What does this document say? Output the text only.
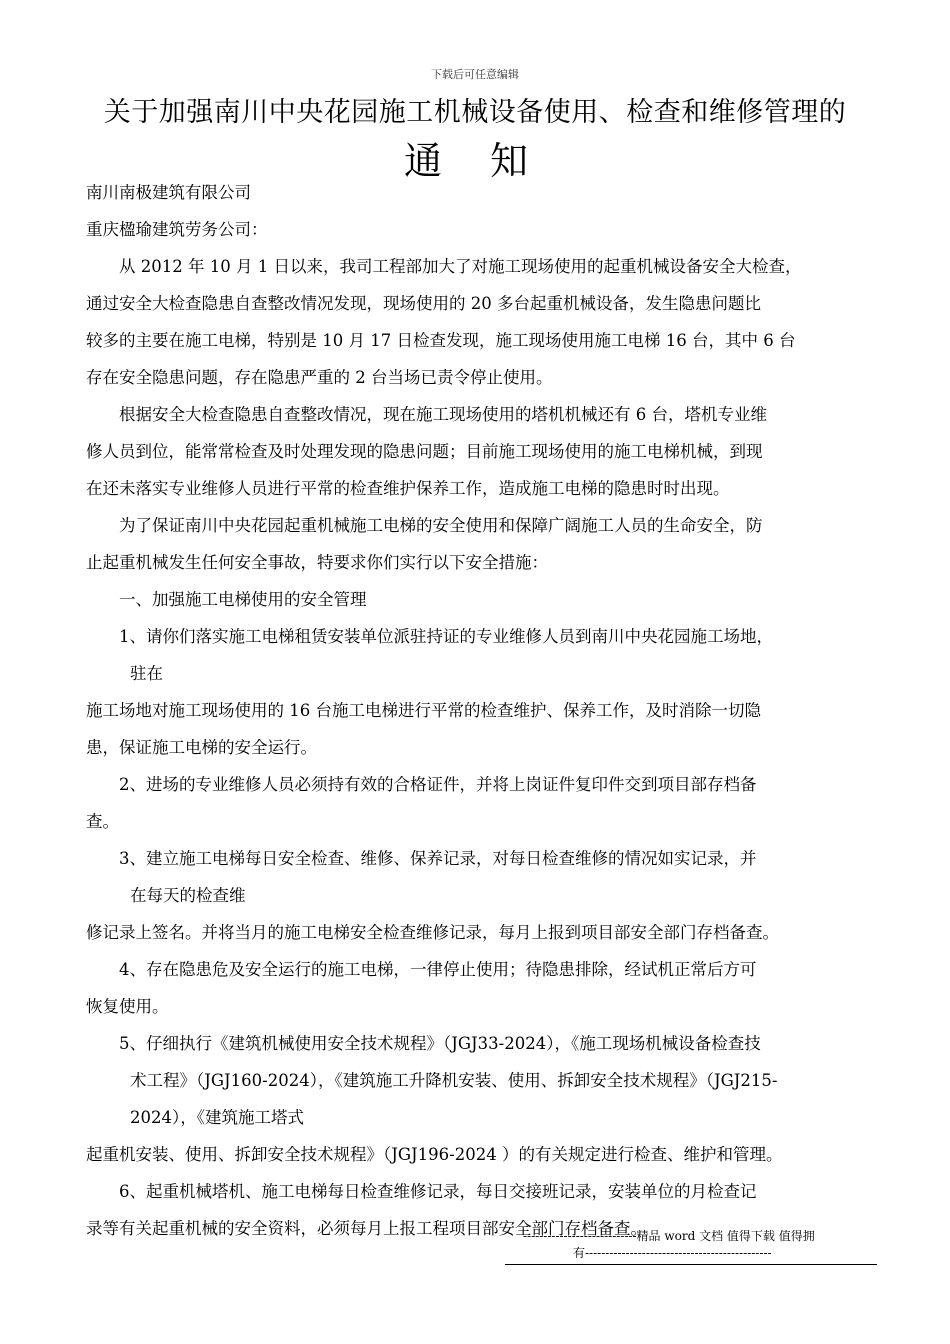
下载后可任意编辑
关于加强南川中央花园施工机械设备使用、检查和维修管理的
通 知

南川南极建筑有限公司

重庆楹瑜建筑劳务公司：

从 2012 年 10 月 1 日以来，我司工程部加大了对施工现场使用的起重机械设备安全大检查，

通过安全大检查隐患自查整改情况发现，现场使用的 20 多台起重机械设备，发生隐患问题比

较多的主要在施工电梯，特别是 10 月 17 日检查发现，施工现场使用施工电梯 16 台，其中 6 台

存在安全隐患问题，存在隐患严重的 2 台当场已责令停止使用。

根据安全大检查隐患自查整改情况，现在施工现场使用的塔机机械还有 6 台，塔机专业维

修人员到位，能常常检查及时处理发现的隐患问题；目前施工现场使用的施工电梯机械，到现

在还未落实专业维修人员进行平常的检查维护保养工作，造成施工电梯的隐患时时出现。

为了保证南川中央花园起重机械施工电梯的安全使用和保障广阔施工人员的生命安全，防

止起重机械发生任何安全事故，特要求你们实行以下安全措施：

一、加强施工电梯使用的安全管理

1、请你们落实施工电梯租赁安装单位派驻持证的专业维修人员到南川中央花园施工场地，

驻在

施工场地对施工现场使用的 16 台施工电梯进行平常的检查维护、保养工作，及时消除一切隐

患，保证施工电梯的安全运行。

2、进场的专业维修人员必须持有效的合格证件，并将上岗证件复印件交到项目部存档备

查。

3、建立施工电梯每日安全检查、维修、保养记录，对每日检查维修的情况如实记录，并

在每天的检查维

修记录上签名。并将当月的施工电梯安全检查维修记录，每月上报到项目部安全部门存档备查。

4、存在隐患危及安全运行的施工电梯，一律停止使用；待隐患排除，经试机正常后方可

恢复使用。

5、仔细执行《建筑机械使用安全技术规程》（JGJ33-2024），《施工现场机械设备检查技

术工程》（JGJ160-2024），《建筑施工升降机安装、使用、拆卸安全技术规程》（JGJ215-

2024），《建筑施工塔式

起重机安装、使用、拆卸安全技术规程》（JGJ196-2024 ）的有关规定进行检查、维护和管理。

6、起重机械塔机、施工电梯每日检查维修记录，每日交接班记录，安装单位的月检查记

录等有关起重机械的安全资料，必须每月上报工程项目部安全部门存档备查。

----------------------------精品 word 文档 值得下载 值得拥
有----------------------------------------------
